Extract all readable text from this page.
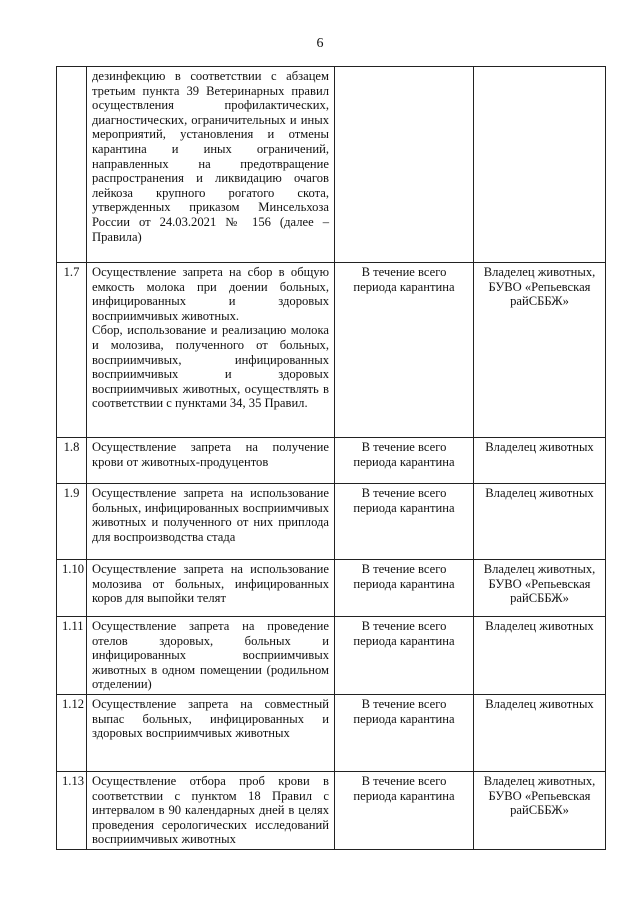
6

	дезинфекцию в соответствии с абзацем третьим пункта 39 Ветеринарных правил осуществления профилактических, диагностических, ограничительных и иных мероприятий, установления и отмены карантина и иных ограничений, направленных на предотвращение распространения и ликвидацию очагов лейкоза крупного рогатого скота, утвержденных приказом Минсельхоза России от 24.03.2021 № 156 (далее – Правила)		

1.7	Осуществление запрета на сбор в общую емкость молока при доении больных, инфицированных и здоровых восприимчивых животных.

Сбор, использование и реализацию молока и молозива, полученного от больных, восприимчивых, инфицированных восприимчивых и здоровых восприимчивых животных, осуществлять в соответствии с пунктами 34, 35 Правил.	В течение всего периода карантина	Владелец животных, БУВО «Репьевская райСББЖ»
1.8	Осуществление запрета на получение крови от животных-продуцентов	В течение всего периода карантина	Владелец животных
1.9	Осуществление запрета на использование больных, инфицированных восприимчивых животных и полученного от них приплода для воспроизводства стада	В течение всего периода карантина	Владелец животных
1.10	Осуществление запрета на использование молозива от больных, инфицированных коров для выпойки телят	В течение всего периода карантина	Владелец животных, БУВО «Репьевская райСББЖ»
1.11	Осуществление запрета на проведение отелов здоровых, больных и инфицированных восприимчивых животных в одном помещении (родильном отделении)	В течение всего периода карантина	Владелец животных
1.12	Осуществление запрета на совместный выпас больных, инфицированных и здоровых восприимчивых животных	В течение всего периода карантина	Владелец животных
1.13	Осуществление отбора проб крови в соответствии с пунктом 18 Правил с интервалом в 90 календарных дней в целях проведения серологических исследований восприимчивых животных	В течение всего периода карантина	Владелец животных, БУВО «Репьевская райСББЖ»
